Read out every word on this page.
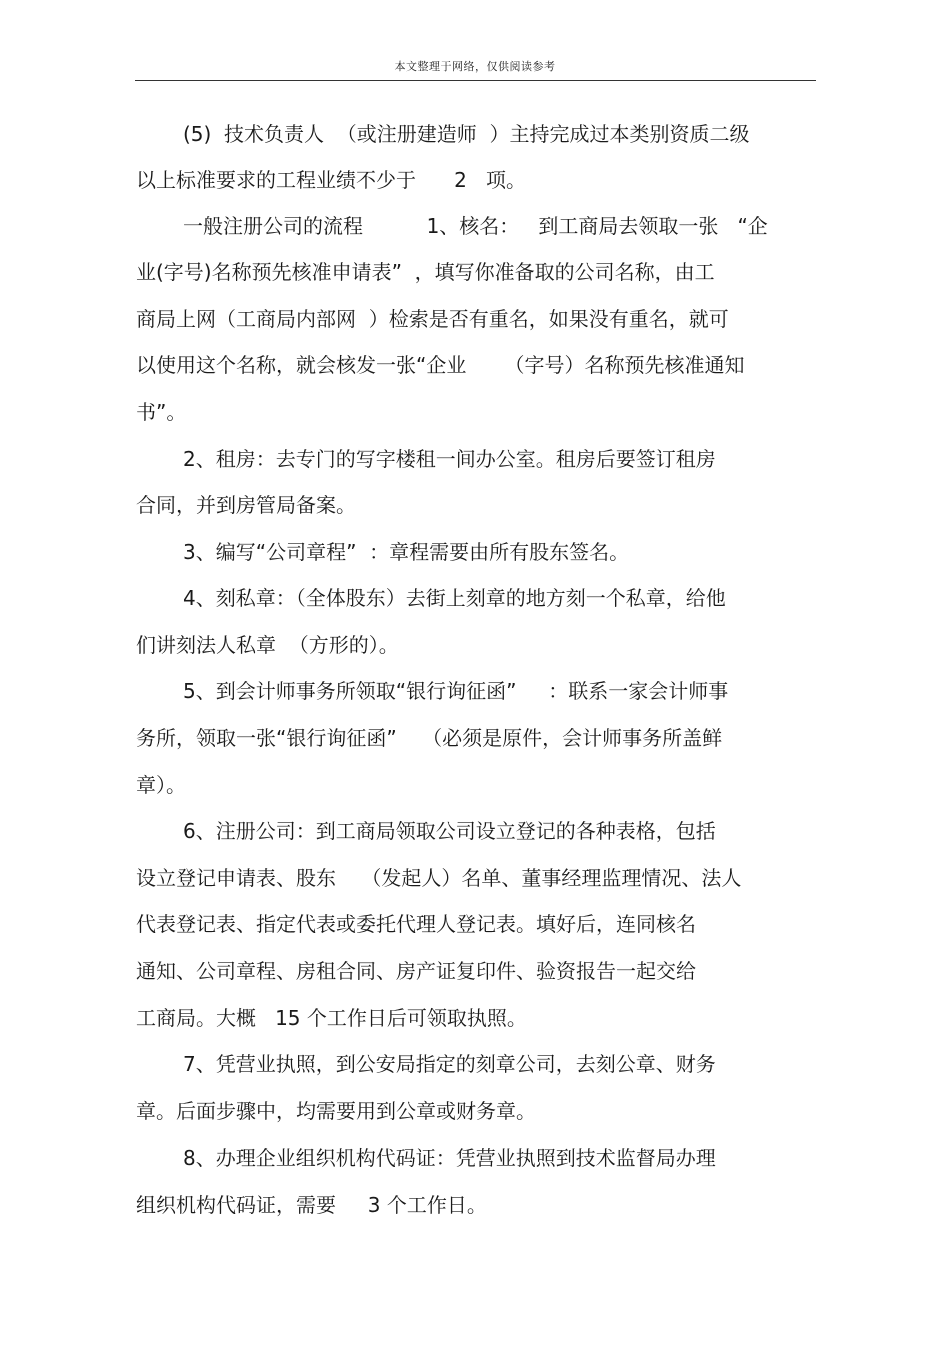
本文整理于网络，仅供阅读参考
(5)  技术负责人  （或注册建造师  ）主持完成过本类别资质二级
以上标准要求的工程业绩不少于      2   项。
一般注册公司的流程          1、核名：   到工商局去领取一张   “企
业(字号)名称预先核准申请表”  ，填写你准备取的公司名称，由工
商局上网（工商局内部网  ）检索是否有重名，如果没有重名，就可
以使用这个名称，就会核发一张“企业      （字号）名称预先核准通知
书”。
2、租房：去专门的写字楼租一间办公室。租房后要签订租房
合同，并到房管局备案。
3、编写“公司章程”  ：章程需要由所有股东签名。
4、刻私章：（全体股东）去街上刻章的地方刻一个私章，给他
们讲刻法人私章  （方形的）。
5、到会计师事务所领取“银行询征函”     ：联系一家会计师事
务所，领取一张“银行询征函”    （必须是原件，会计师事务所盖鲜
章）。
6、注册公司：到工商局领取公司设立登记的各种表格，包括
设立登记申请表、股东    （发起人）名单、董事经理监理情况、法人
代表登记表、指定代表或委托代理人登记表。填好后，连同核名
通知、公司章程、房租合同、房产证复印件、验资报告一起交给
工商局。大概   15 个工作日后可领取执照。
7、凭营业执照，到公安局指定的刻章公司，去刻公章、财务
章。后面步骤中，均需要用到公章或财务章。
8、办理企业组织机构代码证：凭营业执照到技术监督局办理
组织机构代码证，需要     3 个工作日。
